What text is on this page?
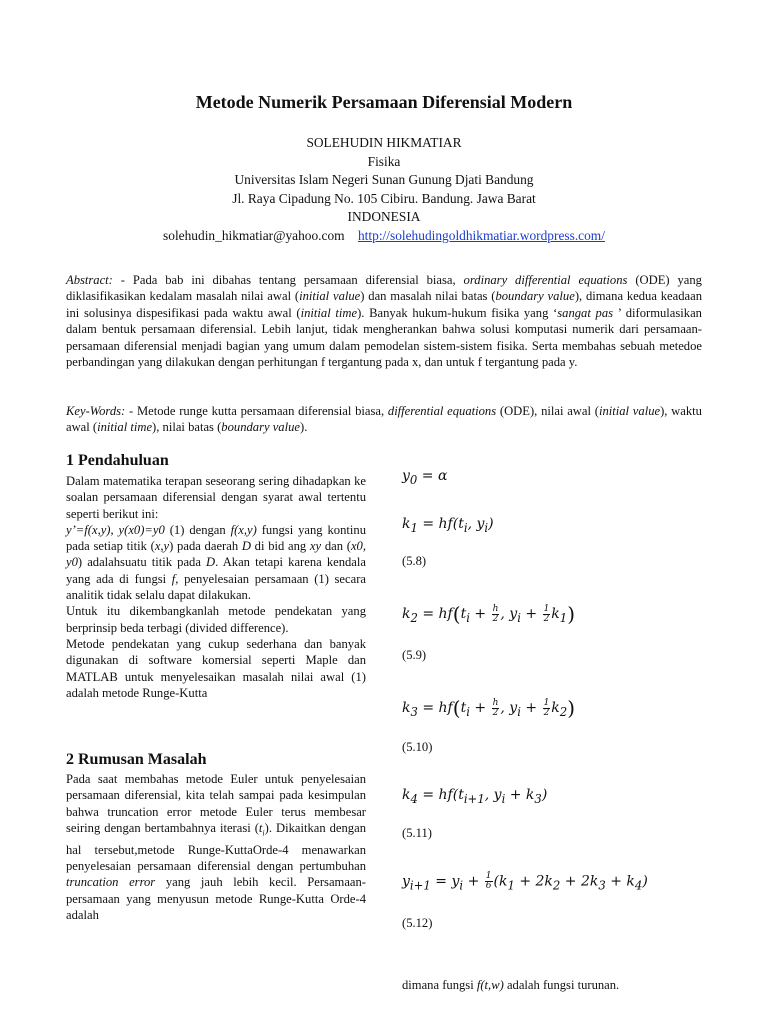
Metode Numerik Persamaan Diferensial Modern
SOLEHUDIN HIKMATIAR
Fisika
Universitas Islam Negeri Sunan Gunung Djati Bandung
Jl. Raya Cipadung No. 105 Cibiru. Bandung. Jawa Barat
INDONESIA
solehudin_hikmatiar@yahoo.com http://solehudingoldhikmatiar.wordpress.com/
Abstract: - Pada bab ini dibahas tentang persamaan diferensial biasa, ordinary differential equations (ODE) yang diklasifikasikan kedalam masalah nilai awal (initial value) dan masalah nilai batas (boundary value), dimana kedua keadaan ini solusinya dispesifikasi pada waktu awal (initial time). Banyak hukum-hukum fisika yang ‘sangat pas ’ diformulasikan dalam bentuk persamaan diferensial. Lebih lanjut, tidak mengherankan bahwa solusi komputasi numerik dari persamaan-persamaan diferensial menjadi bagian yang umum dalam pemodelan sistem-sistem fisika. Serta membahas sebuah metedoe perbandingan yang dilakukan dengan perhitungan f tergantung pada x, dan untuk f tergantung pada y.
Key-Words: - Metode runge kutta persamaan diferensial biasa, differential equations (ODE), nilai awal (initial value), waktu awal (initial time), nilai batas (boundary value).
1 Pendahuluan

Dalam matematika terapan seseorang sering dihadapkan ke soalan persamaan diferensial dengan syarat awal tertentu seperti berikut ini:

y’=f(x,y), y(x0)=y0 (1) dengan f(x,y) fungsi yang kontinu pada setiap titik (x,y) pada daerah D di bid ang xy dan (x0, y0) adalahsuatu titik pada D. Akan tetapi karena kendala yang ada di fungsi f, penyelesaian persamaan (1) secara analitik tidak selalu dapat dilakukan.

Untuk itu dikembangkanlah metode pendekatan yang berprinsip beda terbagi (divided difference).

Metode pendekatan yang cukup sederhana dan banyak digunakan di software komersial seperti Maple dan MATLAB untuk menyelesaikan masalah nilai awal (1) adalah metode Runge-Kutta

2 Rumusan Masalah

Pada saat membahas metode Euler untuk penyelesaian persamaan diferensial, kita telah sampai pada kesimpulan bahwa truncation error metode Euler terus membesar seiring dengan bertambahnya iterasi $(t_i)$. Dikaitkan dengan hal tersebut,metode Runge-KuttaOrde-4 menawarkan penyelesaian persamaan diferensial dengan pertumbuhan truncation error yang jauh lebih kecil. Persamaan-persamaan yang menyusun metode Runge-Kutta Orde-4 adalah

$y_0 = \alpha$
$k_1 = hf(t_i$, $y_i$)
(5.8)
$k_2 = hf(t_i + \frac{h}{2}$ , $y_i + \frac{1}{2} k_1$)
(5.9)
$k_3 = hf(t_i + \frac{h}{2}$ , $y_i + \frac{1}{2} k_2$)
(5.10)
$k_4 = hf(t_{i+1}$, $y_i + k_3$)
(5.11)
$y_{i+1} = y_i + \frac{1}{6} (k_1 + 2k_2 + 2k_3 + k_4)$
(5.12)
dimana fungsi f(t,w) adalah fungsi turunan.
